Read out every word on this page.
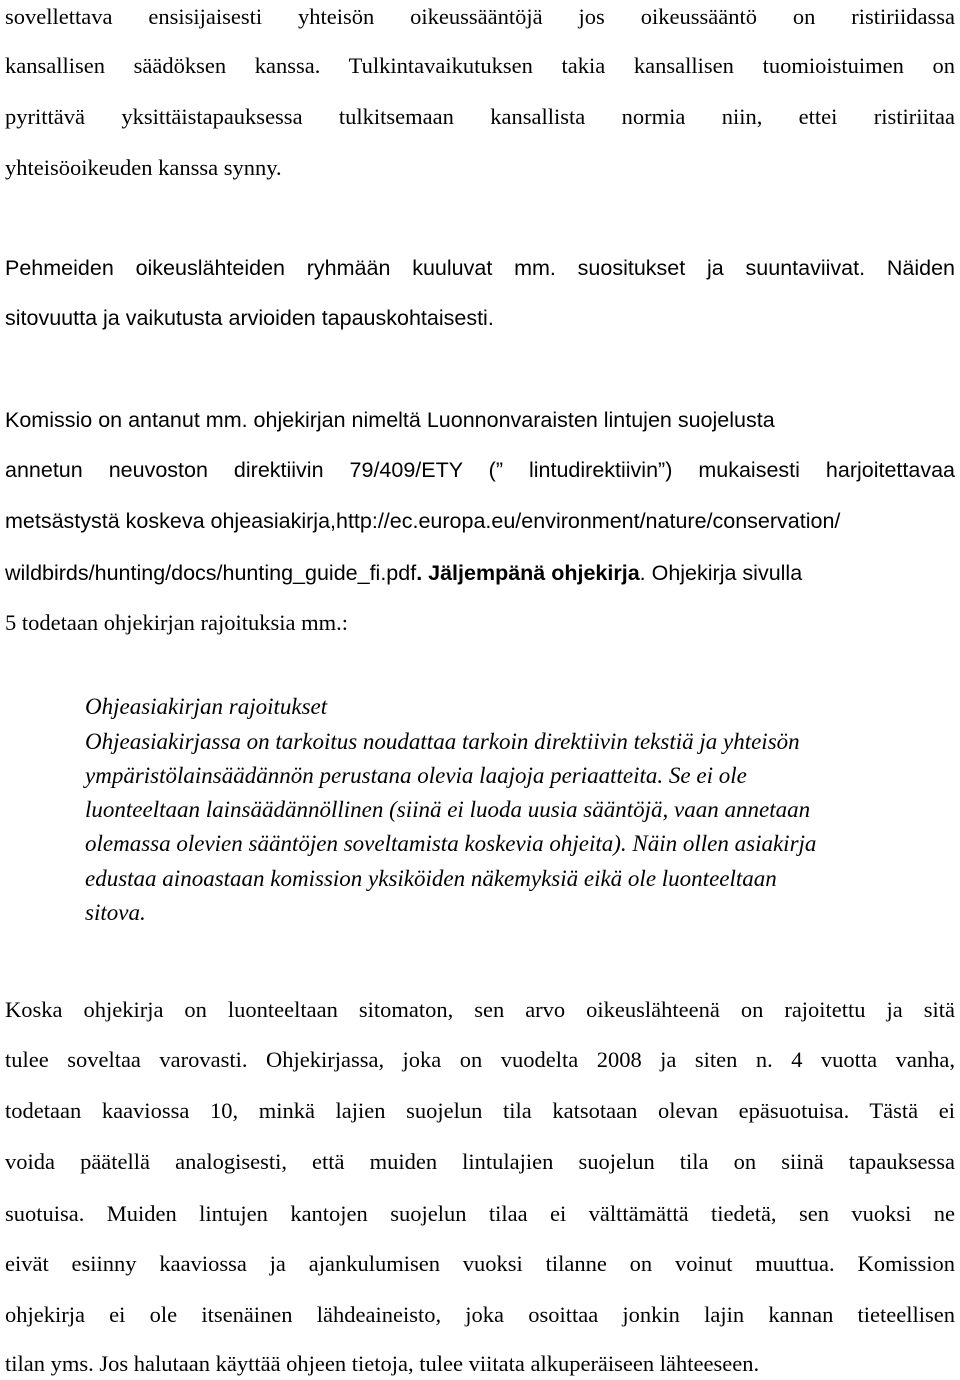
sovellettava ensisijaisesti yhteisön oikeussääntöjä jos oikeussääntö on ristiriidassa
kansallisen säädöksen kanssa. Tulkintavaikutuksen takia kansallisen tuomioistuimen on
pyrittävä yksittäistapauksessa tulkitsemaan kansallista normia niin, ettei ristiriitaa
yhteisöoikeuden kanssa synny.
Pehmeiden oikeuslähteiden ryhmään kuuluvat mm. suositukset ja suuntaviivat. Näiden
sitovuutta ja vaikutusta arvioiden tapauskohtaisesti.
Komissio on antanut mm. ohjekirjan nimeltä Luonnonvaraisten lintujen suojelusta
annetun neuvoston direktiivin 79/409/ETY (” lintudirektiivin”) mukaisesti harjoitettavaa
metsästystä koskeva ohjeasiakirja,http://ec.europa.eu/environment/nature/conservation/
wildbirds/hunting/docs/hunting_guide_fi.pdf. Jäljempänä ohjekirja. Ohjekirja sivulla
5 todetaan ohjekirjan rajoituksia mm.:
Ohjeasiakirjan rajoitukset
Ohjeasiakirjassa on tarkoitus noudattaa tarkoin direktiivin tekstiä ja yhteisön
ympäristölainsäädännön perustana olevia laajoja periaatteita. Se ei ole
luonteeltaan lainsäädännöllinen (siinä ei luoda uusia sääntöjä, vaan annetaan
olemassa olevien sääntöjen soveltamista koskevia ohjeita). Näin ollen asiakirja
edustaa ainoastaan komission yksiköiden näkemyksiä eikä ole luonteeltaan
sitova.
Koska ohjekirja on luonteeltaan sitomaton, sen arvo oikeuslähteenä on rajoitettu ja sitä
tulee soveltaa varovasti. Ohjekirjassa, joka on vuodelta 2008 ja siten n. 4 vuotta vanha,
todetaan kaaviossa 10, minkä lajien suojelun tila katsotaan olevan epäsuotuisa. Tästä ei
voida päätellä analogisesti, että muiden lintulajien suojelun tila on siinä tapauksessa
suotuisa. Muiden lintujen kantojen suojelun tilaa ei välttämättä tiedetä, sen vuoksi ne
eivät esiinny kaaviossa ja ajankulumisen vuoksi tilanne on voinut muuttua. Komission
ohjekirja ei ole itsenäinen lähdeaineisto, joka osoittaa jonkin lajin kannan tieteellisen
tilan yms. Jos halutaan käyttää ohjeen tietoja, tulee viitata alkuperäiseen lähteeseen.
